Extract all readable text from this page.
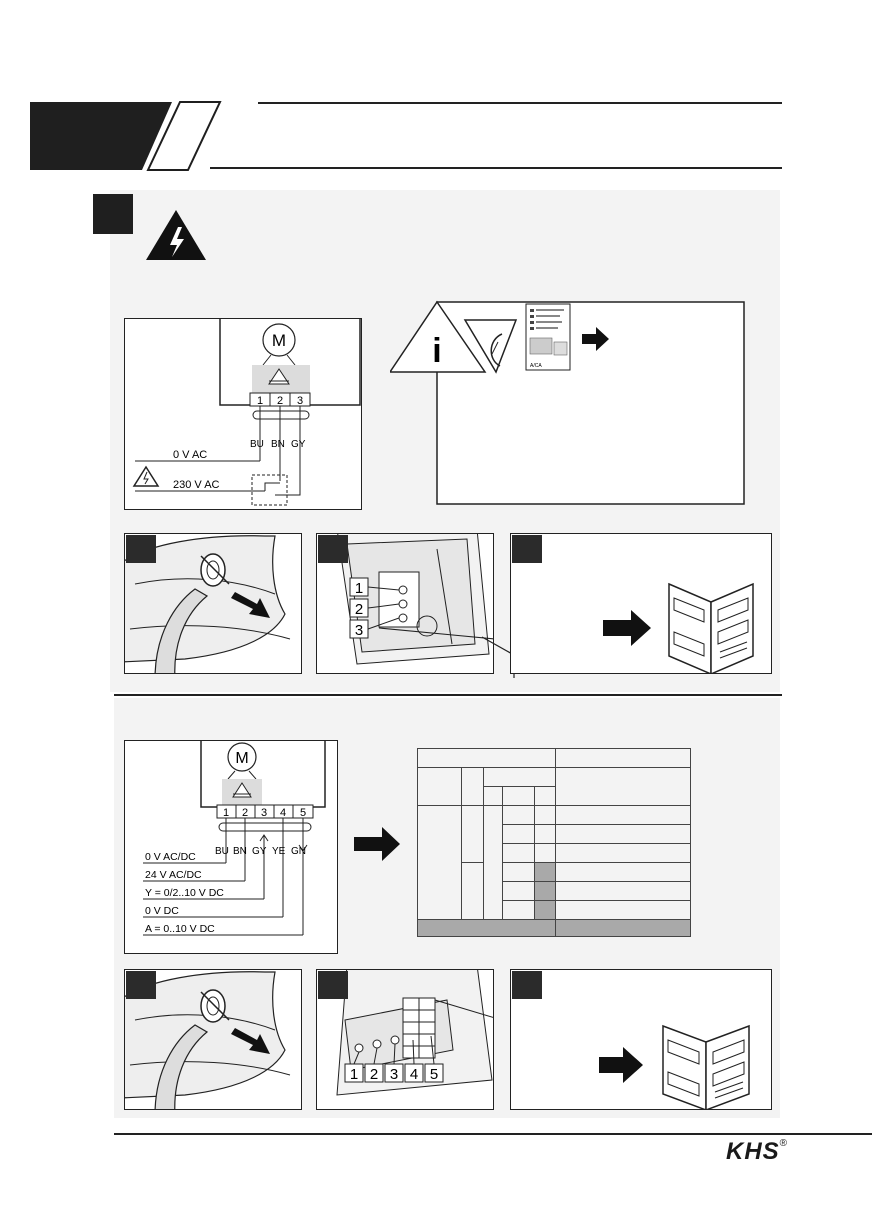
M
1 2 3
BU BN GY
0 V AC
230 V AC
i	A/CA
1
2
3
M
1 2 3 4 5
BU BN GY YE GN
0 V AC/DC
24 V AC/DC
Y = 0/2..10 V DC
0 V DC
A = 0..10 V DC

1 2 3 4 5
KHS®
